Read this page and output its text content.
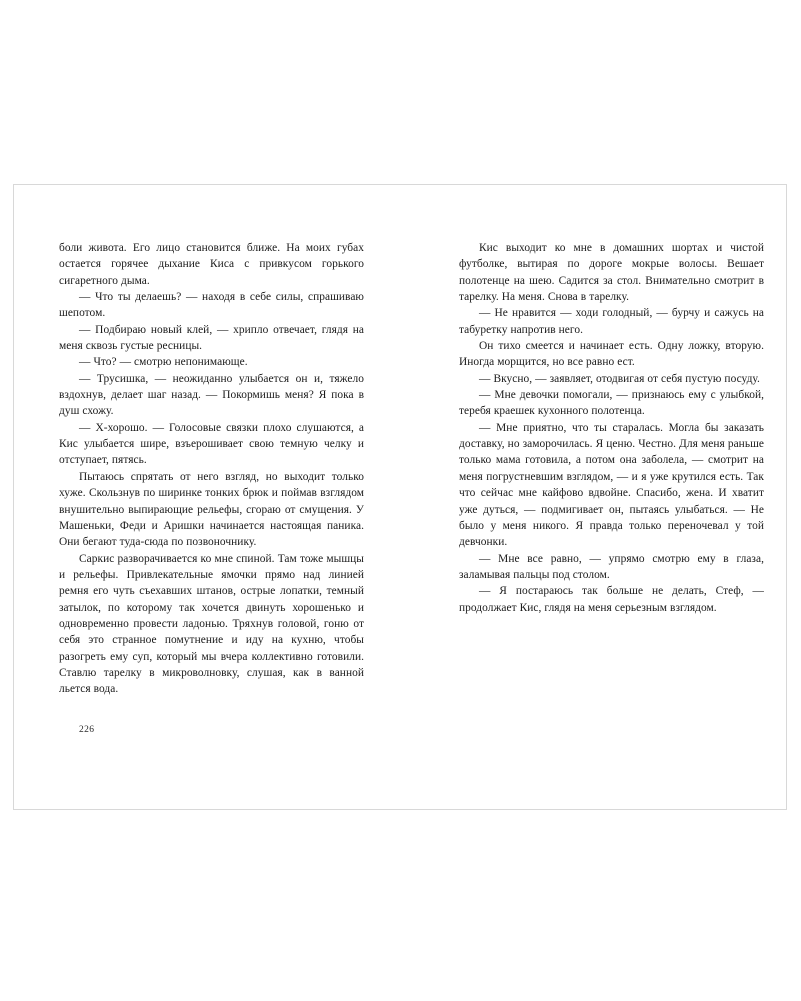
боли живота. Его лицо становится ближе. На моих губах остается горячее дыхание Киса с привкусом горького сигаретного дыма.

— Что ты делаешь? — находя в себе силы, спрашиваю шепотом.

— Подбираю новый клей, — хрипло отвечает, глядя на меня сквозь густые ресницы.

— Что? — смотрю непонимающе.

— Трусишка, — неожиданно улыбается он и, тяжело вздохнув, делает шаг назад. — Покормишь меня? Я пока в душ схожу.

— Х-хорошо. — Голосовые связки плохо слушаются, а Кис улыбается шире, взъерошивает свою темную челку и отступает, пятясь.

Пытаюсь спрятать от него взгляд, но выходит только хуже. Скользнув по ширинке тонких брюк и поймав взглядом внушительно выпирающие рельефы, сгораю от смущения. У Машеньки, Феди и Аришки начинается настоящая паника. Они бегают туда-сюда по позвоночнику.

Саркис разворачивается ко мне спиной. Там тоже мышцы и рельефы. Привлекательные ямочки прямо над линией ремня его чуть съехавших штанов, острые лопатки, темный затылок, по которому так хочется двинуть хорошенько и одновременно провести ладонью. Тряхнув головой, гоню от себя это странное помутнение и иду на кухню, чтобы разогреть ему суп, который мы вчера коллективно готовили. Ставлю тарелку в микроволновку, слушая, как в ванной льется вода.

226

Кис выходит ко мне в домашних шортах и чистой футболке, вытирая по дороге мокрые волосы. Вешает полотенце на шею. Садится за стол. Внимательно смотрит в тарелку. На меня. Снова в тарелку.

— Не нравится — ходи голодный, — бурчу и сажусь на табуретку напротив него.

Он тихо смеется и начинает есть. Одну ложку, вторую. Иногда морщится, но все равно ест.

— Вкусно, — заявляет, отодвигая от себя пустую посуду.

— Мне девочки помогали, — признаюсь ему с улыбкой, теребя краешек кухонного полотенца.

— Мне приятно, что ты старалась. Могла бы заказать доставку, но заморочилась. Я ценю. Честно. Для меня раньше только мама готовила, а потом она заболела, — смотрит на меня погрустневшим взглядом, — и я уже крутился есть. Так что сейчас мне кайфово вдвойне. Спасибо, жена. И хватит уже дуться, — подмигивает он, пытаясь улыбаться. — Не было у меня никого. Я правда только переночевал у той девчонки.

— Мне все равно, — упрямо смотрю ему в глаза, заламывая пальцы под столом.

— Я постараюсь так больше не делать, Стеф, — продолжает Кис, глядя на меня серьезным взглядом.
